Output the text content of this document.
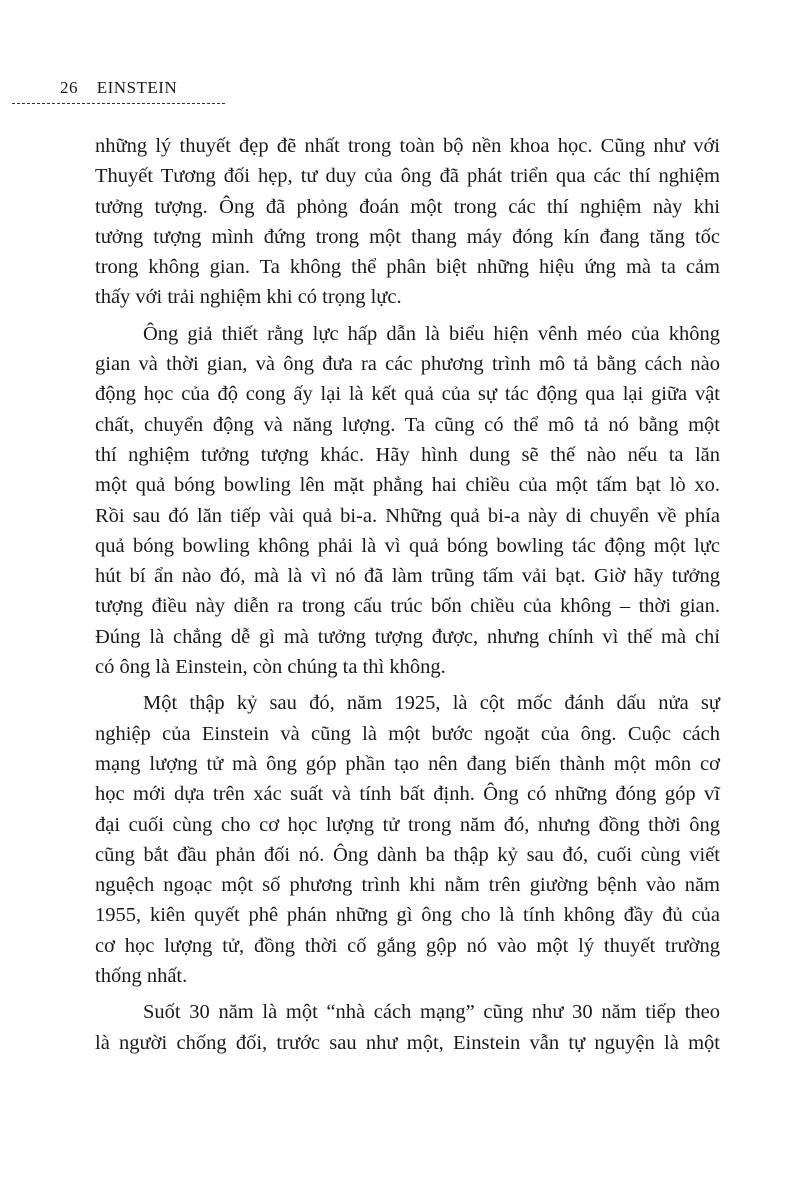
26 EINSTEIN
những lý thuyết đẹp đẽ nhất trong toàn bộ nền khoa học. Cũng như với
Thuyết Tương đối hẹp, tư duy của ông đã phát triển qua các thí nghiệm
tưởng tượng. Ông đã phỏng đoán một trong các thí nghiệm này khi
tưởng tượng mình đứng trong một thang máy đóng kín đang tăng tốc
trong không gian. Ta không thể phân biệt những hiệu ứng mà ta cảm
thấy với trải nghiệm khi có trọng lực.
Ông giả thiết rằng lực hấp dẫn là biểu hiện vênh méo của không
gian và thời gian, và ông đưa ra các phương trình mô tả bằng cách nào
động học của độ cong ấy lại là kết quả của sự tác động qua lại giữa vật
chất, chuyển động và năng lượng. Ta cũng có thể mô tả nó bằng một
thí nghiệm tưởng tượng khác. Hãy hình dung sẽ thế nào nếu ta lăn
một quả bóng bowling lên mặt phẳng hai chiều của một tấm bạt lò xo.
Rồi sau đó lăn tiếp vài quả bi-a. Những quả bi-a này di chuyển về phía
quả bóng bowling không phải là vì quả bóng bowling tác động một lực
hút bí ẩn nào đó, mà là vì nó đã làm trũng tấm vải bạt. Giờ hãy tưởng
tượng điều này diễn ra trong cấu trúc bốn chiều của không – thời gian.
Đúng là chẳng dễ gì mà tưởng tượng được, nhưng chính vì thế mà chỉ
có ông là Einstein, còn chúng ta thì không.
Một thập kỷ sau đó, năm 1925, là cột mốc đánh dấu nửa sự
nghiệp của Einstein và cũng là một bước ngoặt của ông. Cuộc cách
mạng lượng tử mà ông góp phần tạo nên đang biến thành một môn cơ
học mới dựa trên xác suất và tính bất định. Ông có những đóng góp vĩ
đại cuối cùng cho cơ học lượng tử trong năm đó, nhưng đồng thời ông
cũng bắt đầu phản đối nó. Ông dành ba thập kỷ sau đó, cuối cùng viết
nguệch ngoạc một số phương trình khi nằm trên giường bệnh vào năm
1955, kiên quyết phê phán những gì ông cho là tính không đầy đủ của
cơ học lượng tử, đồng thời cố gắng gộp nó vào một lý thuyết trường
thống nhất.
Suốt 30 năm là một “nhà cách mạng” cũng như 30 năm tiếp theo
là người chống đối, trước sau như một, Einstein vẫn tự nguyện là một
